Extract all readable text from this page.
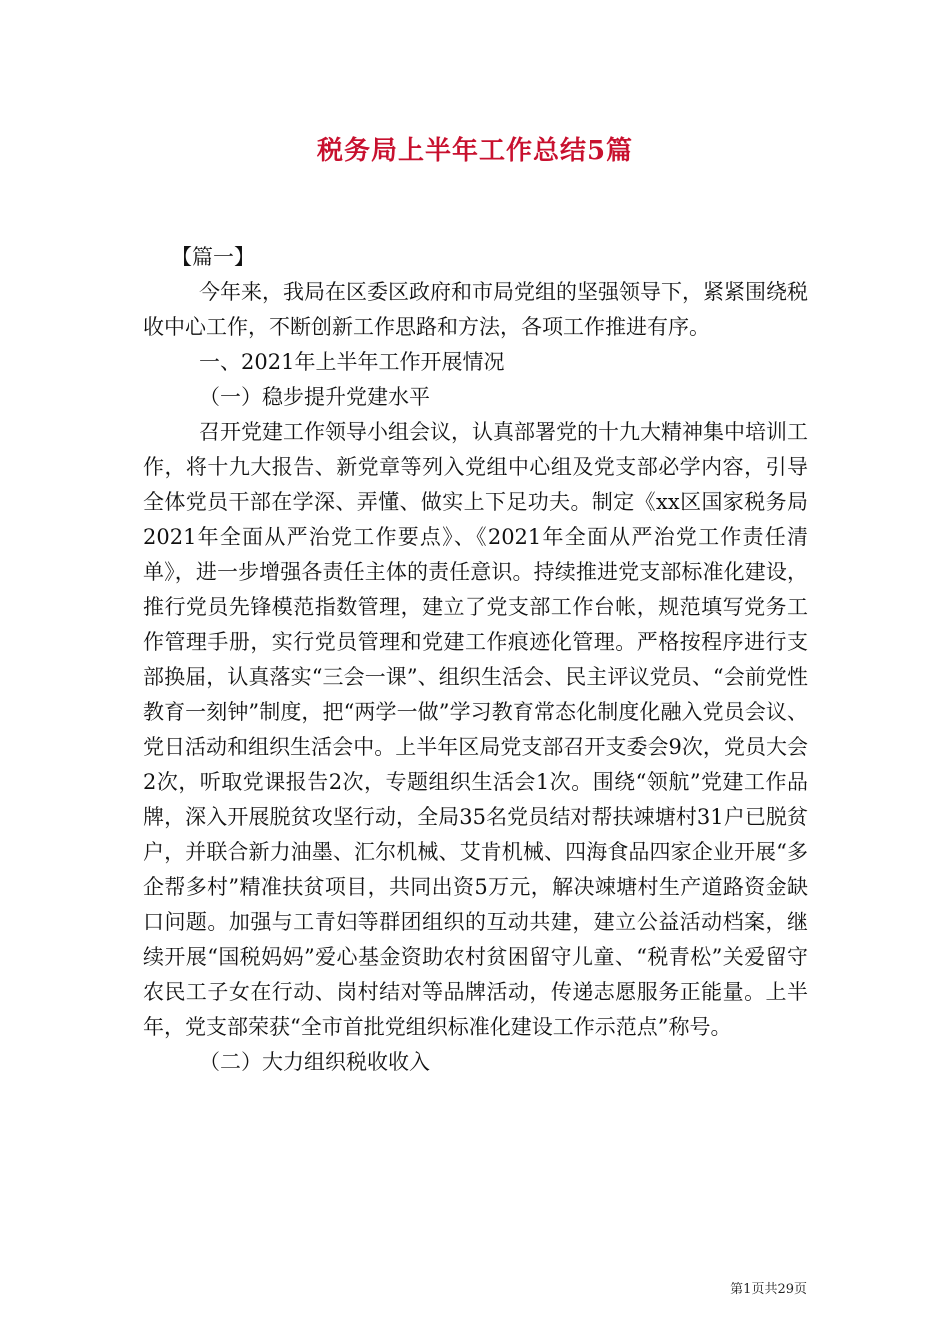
税务局上半年工作总结5篇

【篇一】

今年来，我局在区委区政府和市局党组的坚强领导下，紧紧围绕税收中心工作，不断创新工作思路和方法，各项工作推进有序。

一、2021年上半年工作开展情况

（一）稳步提升党建水平

召开党建工作领导小组会议，认真部署党的十九大精神集中培训工作，将十九大报告、新党章等列入党组中心组及党支部必学内容，引导全体党员干部在学深、弄懂、做实上下足功夫。制定《xx区国家税务局2021年全面从严治党工作要点》、《2021年全面从严治党工作责任清单》，进一步增强各责任主体的责任意识。持续推进党支部标准化建设，推行党员先锋模范指数管理，建立了党支部工作台帐，规范填写党务工作管理手册，实行党员管理和党建工作痕迹化管理。严格按程序进行支部换届，认真落实“三会一课”、组织生活会、民主评议党员、“会前党性教育一刻钟”制度，把“两学一做”学习教育常态化制度化融入党员会议、党日活动和组织生活会中。上半年区局党支部召开支委会9次，党员大会2次，听取党课报告2次，专题组织生活会1次。围绕“领航”党建工作品牌，深入开展脱贫攻坚行动，全局35名党员结对帮扶竦塘村31户已脱贫户，并联合新力油墨、汇尔机械、艾肯机械、四海食品四家企业开展“多企帮多村”精准扶贫项目，共同出资5万元，解决竦塘村生产道路资金缺口问题。加强与工青妇等群团组织的互动共建，建立公益活动档案，继续开展“国税妈妈”爱心基金资助农村贫困留守儿童、“税青松”关爱留守农民工子女在行动、岗村结对等品牌活动，传递志愿服务正能量。上半年，党支部荣获“全市首批党组织标准化建设工作示范点”称号。

（二）大力组织税收收入

第1页共29页
